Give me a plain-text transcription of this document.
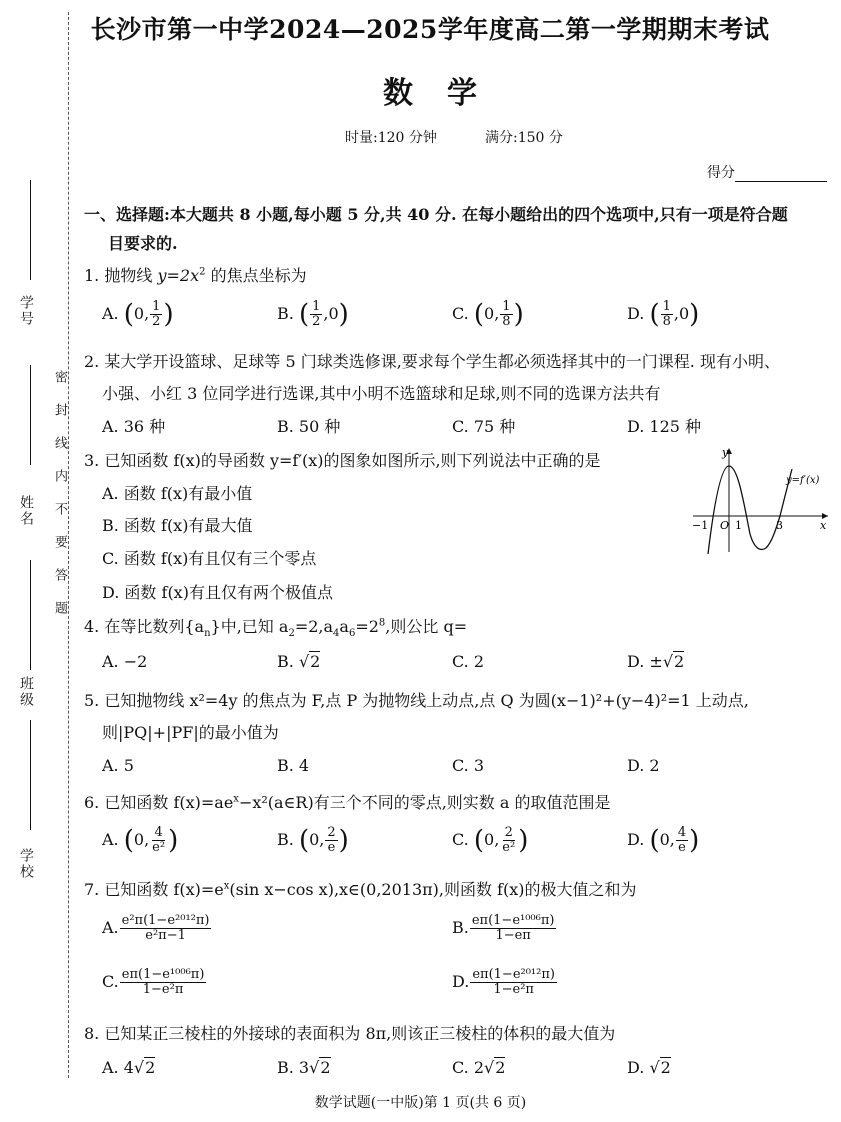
学号
姓名
班级
学校
密封线内不要答题
长沙市第一中学2024—2025学年度高二第一学期期末考试
数学
时量:120 分钟	满分:150 分
得分
一、选择题:本大题共 8 小题,每小题 5 分,共 40 分. 在每小题给出的四个选项中,只有一项是符合题
目要求的.
1. 抛物线 $y=2x^2$ 的焦点坐标为
A. (0, $\frac{1}{2}$ )	B. ( $\frac{1}{2} ,0$)	C. (0, $\frac{1}{8}$ )	D. ( $\frac{1}{8} ,0$)
2. 某大学开设篮球、足球等 5 门球类选修课,要求每个学生都必须选择其中的一门课程. 现有小明、
小强、小红 3 位同学进行选课,其中小明不选篮球和足球,则不同的选课方法共有
A. 36 种	B. 50 种	C. 75 种	D. 125 种
3. 已知函数 f(x)的导函数 y=f′(x)的图象如图所示,则下列说法中正确的是
A. 函数 f(x)有最小值
B. 函数 f(x)有最大值
C. 函数 f(x)有且仅有三个零点
D. 函数 f(x)有且仅有两个极值点
y
x
−1 O 1	3
y=f′(x)
4. 在等比数列$\{a_n\}$中,已知 $a_2=2,a_4a_6=2^8$,则公比 q=
A. −2	B. √2	C. 2	D. ±√2
5. 已知抛物线 x²=4y 的焦点为 F,点 P 为抛物线上动点,点 Q 为圆(x−1)²+(y−4)²=1 上动点,
则|PQ|+|PF|的最小值为
A. 5	B. 4	C. 3	D. 2
6. 已知函数 $f(x)=ae^x-x^2(a\in R)$有三个不同的零点,则实数 a 的取值范围是
A. (0, $\frac{4}{\text{e²}}$ )	B. (0, $\frac{2}{e}$ )	C. (0, $\frac{2}{\text{e²}}$ )	D. (0, $\frac{4}{e}$ )
7. 已知函数 $f(x)=e^x(\sin$ x−cos x),x∈(0,2013π),则函数 f(x)的极大值之和为
A. $\frac{\text{e²π(1−e²⁰¹²π)}}{\text{e²π−1}}$	B. $\frac{\text{eπ(1−e¹⁰⁰⁶π)}}{1-e\pi}$
C. $\frac{\text{eπ(1−e¹⁰⁰⁶π)}}{\text{1−e²π}}$	D. $\frac{\text{eπ(1−e²⁰¹²π)}}{\text{1−e²π}}$
8. 已知某正三棱柱的外接球的表面积为 8π,则该正三棱柱的体积的最大值为
A. 4√2	B. 3√2	C. 2√2	D. √2
数学试题(一中版)第 1 页(共 6 页)
